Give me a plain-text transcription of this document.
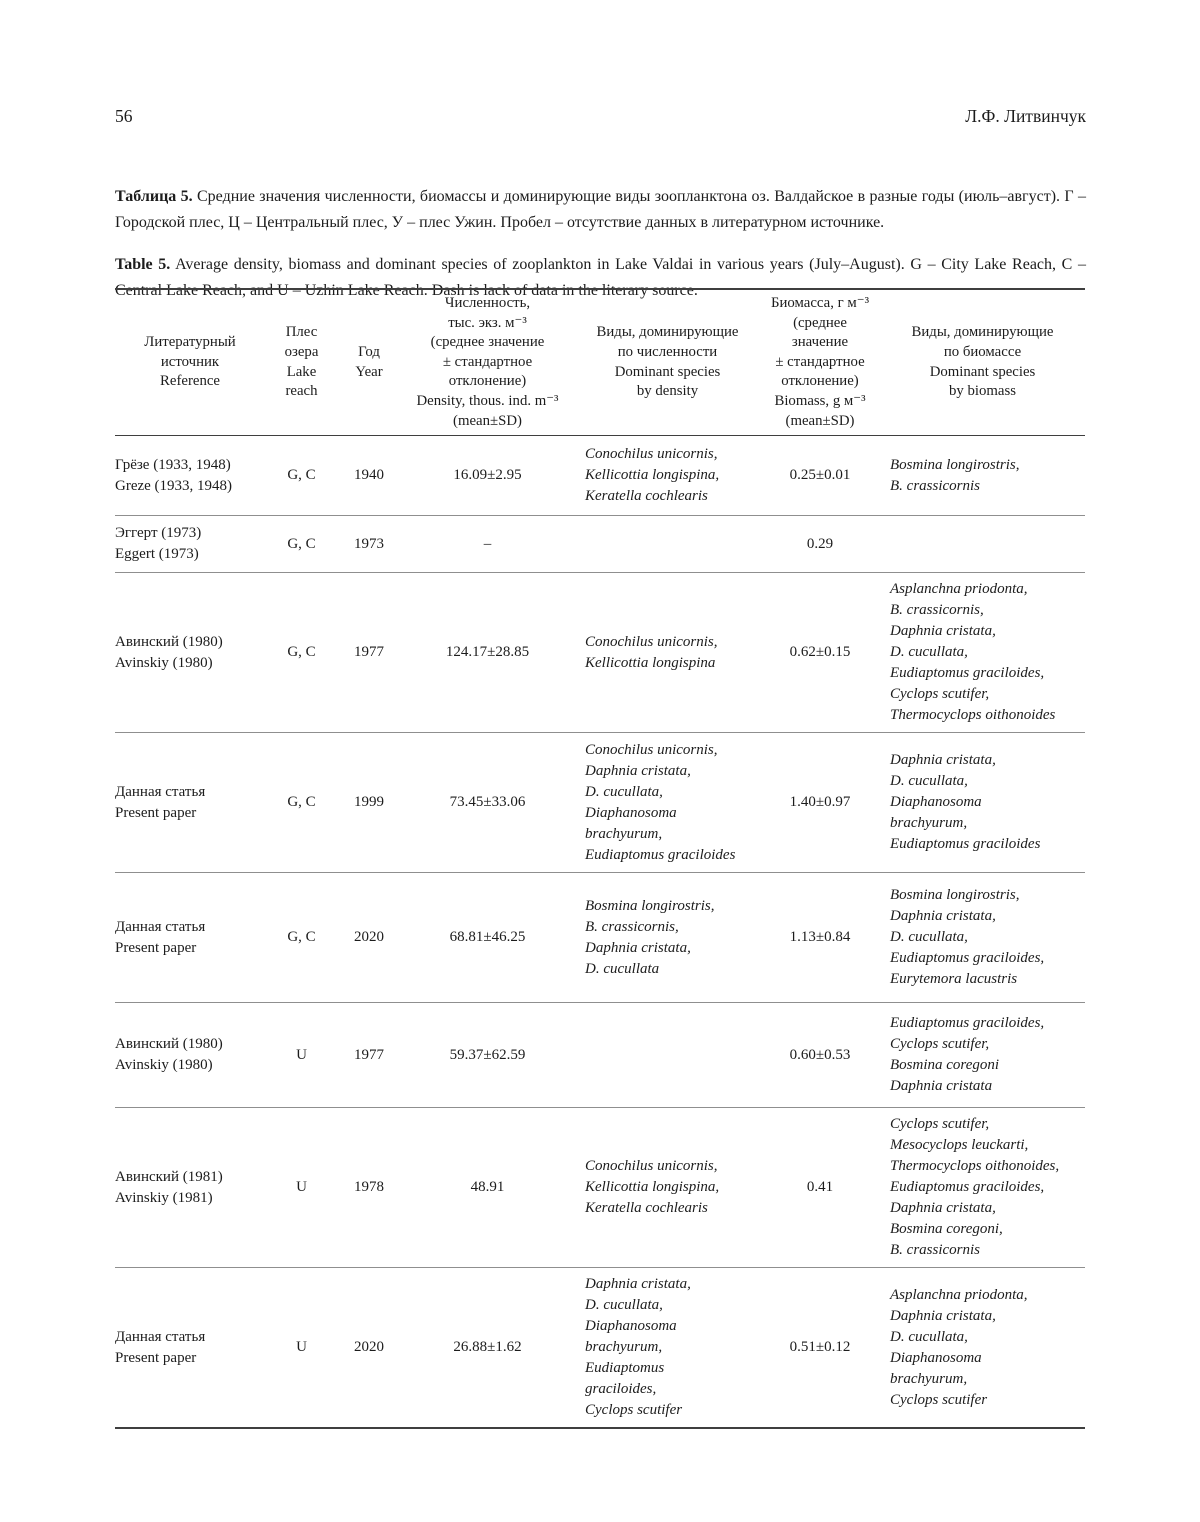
56	Л.Ф. Литвинчук

Таблица 5. Средние значения численности, биомассы и доминирующие виды зоопланктона оз. Валдайское в разные годы (июль–август). Г – Городской плес, Ц – Центральный плес, У – плес Ужин. Пробел – отсутствие данных в литературном источнике.

Table 5. Average density, biomass and dominant species of zooplankton in Lake Valdai in various years (July–August). G – City Lake Reach, C – Central Lake Reach, and U – Uzhin Lake Reach. Dash is lack of data in the literary source.

Литературный
источник
Reference	Плес
озера
Lake
reach	Год
Year	Численность,
тыс. экз. м⁻³
(среднее значение
± стандартное
отклонение)
Density, thous. ind. m⁻³
(mean±SD)	Виды, доминирующие
по численности
Dominant species
by density	Биомасса, г м⁻³
(среднее
значение
± стандартное
отклонение)
Biomass, g м⁻³
(mean±SD)	Виды, доминирующие
по биомассе
Dominant species
by biomass
Грёзе (1933, 1948)
Greze (1933, 1948)	G, C	1940	16.09±2.95	Conochilus unicornis,
Kellicottia longispina,
Keratella cochlearis	0.25±0.01	Bosmina longirostris,
B. crassicornis
Эггерт (1973)
Eggert (1973)	G, C	1973	–		0.29	
Авинский (1980)
Avinskiy (1980)	G, C	1977	124.17±28.85	Conochilus unicornis,
Kellicottia longispina	0.62±0.15	Asplanchna priodonta,
B. crassicornis,
Daphnia cristata,
D. cucullata,
Eudiaptomus graciloides,
Cyclops scutifer,
Thermocyclops oithonoides
Данная статья
Present paper	G, C	1999	73.45±33.06	Conochilus unicornis,
Daphnia cristata,
D. cucullata,
Diaphanosoma
brachyurum,
Eudiaptomus graciloides	1.40±0.97	Daphnia cristata,
D. cucullata,
Diaphanosoma
brachyurum,
Eudiaptomus graciloides
Данная статья
Present paper	G, C	2020	68.81±46.25	Bosmina longirostris,
B. crassicornis,
Daphnia cristata,
D. cucullata	1.13±0.84	Bosmina longirostris,
Daphnia cristata,
D. cucullata,
Eudiaptomus graciloides,
Eurytemora lacustris
Авинский (1980)
Avinskiy (1980)	U	1977	59.37±62.59		0.60±0.53	Eudiaptomus graciloides,
Cyclops scutifer,
Bosmina coregoni
Daphnia cristata
Авинский (1981)
Avinskiy (1981)	U	1978	48.91	Conochilus unicornis,
Kellicottia longispina,
Keratella cochlearis	0.41	Cyclops scutifer,
Mesocyclops leuckarti,
Thermocyclops oithonoides,
Eudiaptomus graciloides,
Daphnia cristata,
Bosmina coregoni,
B. crassicornis
Данная статья
Present paper	U	2020	26.88±1.62	Daphnia cristata,
D. cucullata,
Diaphanosoma
brachyurum,
Eudiaptomus
graciloides,
Cyclops scutifer	0.51±0.12	Asplanchna priodonta,
Daphnia cristata,
D. cucullata,
Diaphanosoma
brachyurum,
Cyclops scutifer
